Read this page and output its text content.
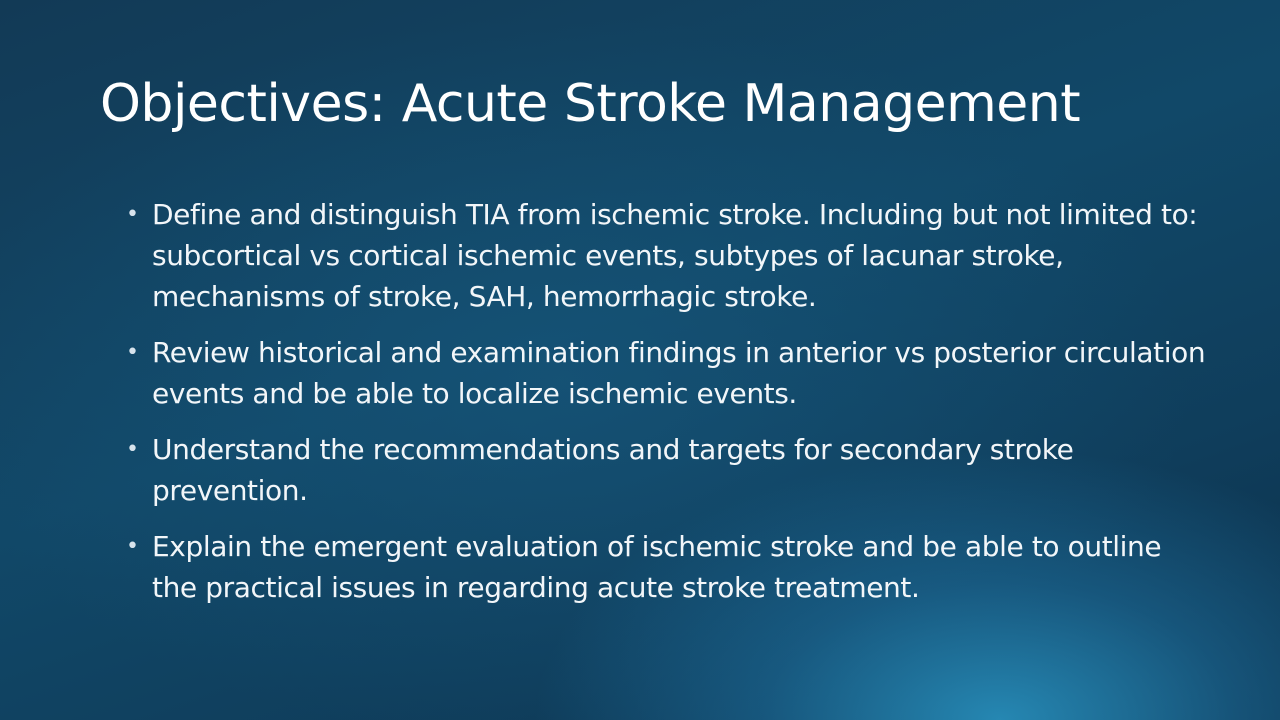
Objectives: Acute Stroke Management
• Define and distinguish TIA from ischemic stroke. Including but not limited to: subcortical vs cortical ischemic events, subtypes of lacunar stroke, mechanisms of stroke, SAH, hemorrhagic stroke.
• Review historical and examination findings in anterior vs posterior circulation events and be able to localize ischemic events.
• Understand the recommendations and targets for secondary stroke prevention.
• Explain the emergent evaluation of ischemic stroke and be able to outline the practical issues in regarding acute stroke treatment.
